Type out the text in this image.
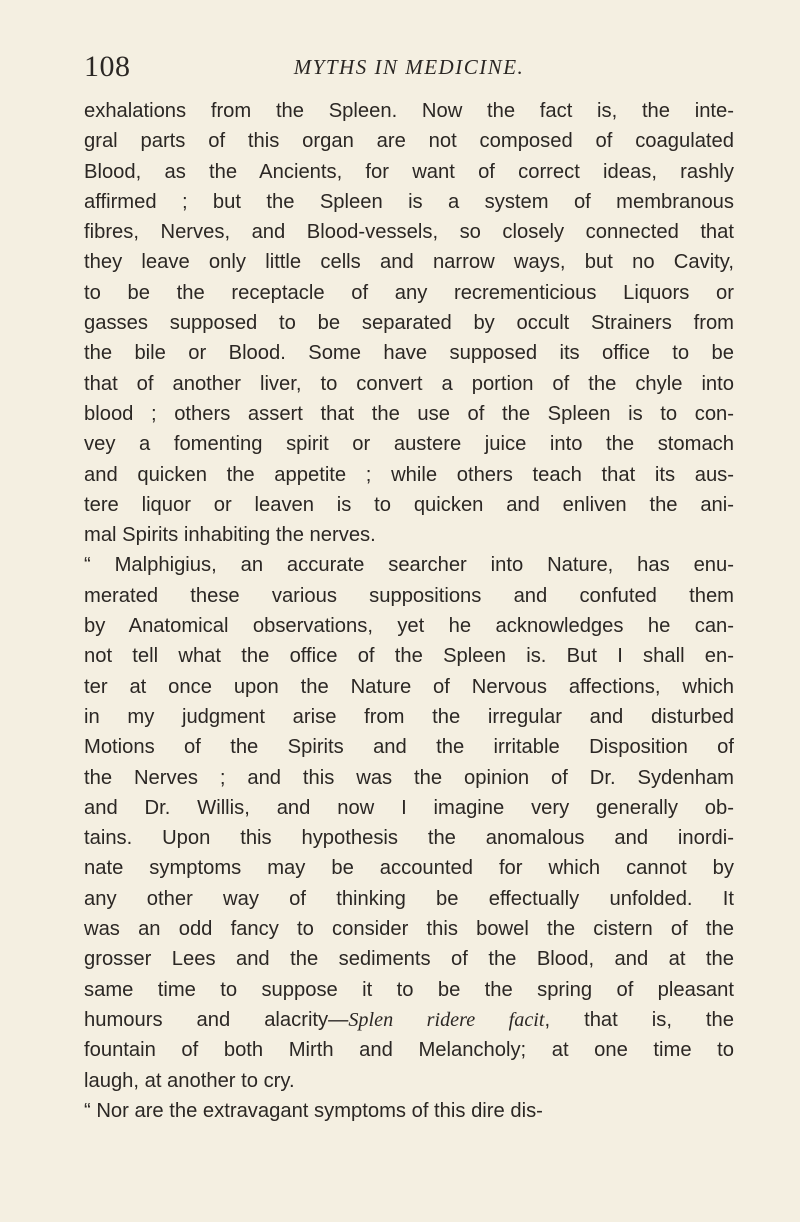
108	MYTHS IN MEDICINE.
exhalations from the Spleen. Now the fact is, the inte-
gral parts of this organ are not composed of coagulated
Blood, as the Ancients, for want of correct ideas, rashly
affirmed ; but the Spleen is a system of membranous
fibres, Nerves, and Blood-vessels, so closely connected that
they leave only little cells and narrow ways, but no Cavity,
to be the receptacle of any recrementicious Liquors or
gasses supposed to be separated by occult Strainers from
the bile or Blood. Some have supposed its office to be
that of another liver, to convert a portion of the chyle into
blood ; others assert that the use of the Spleen is to con-
vey a fomenting spirit or austere juice into the stomach
and quicken the appetite ; while others teach that its aus-
tere liquor or leaven is to quicken and enliven the ani-
mal Spirits inhabiting the nerves.
“ Malphigius, an accurate searcher into Nature, has enu-
merated these various suppositions and confuted them
by Anatomical observations, yet he acknowledges he can-
not tell what the office of the Spleen is. But I shall en-
ter at once upon the Nature of Nervous affections, which
in my judgment arise from the irregular and disturbed
Motions of the Spirits and the irritable Disposition of
the Nerves ; and this was the opinion of Dr. Sydenham
and Dr. Willis, and now I imagine very generally ob-
tains. Upon this hypothesis the anomalous and inordi-
nate symptoms may be accounted for which cannot by
any other way of thinking be effectually unfolded. It
was an odd fancy to consider this bowel the cistern of the
grosser Lees and the sediments of the Blood, and at the
same time to suppose it to be the spring of pleasant
humours and alacrity—Splen ridere facit, that is, the
fountain of both Mirth and Melancholy; at one time to
laugh, at another to cry.
“ Nor are the extravagant symptoms of this dire dis-
